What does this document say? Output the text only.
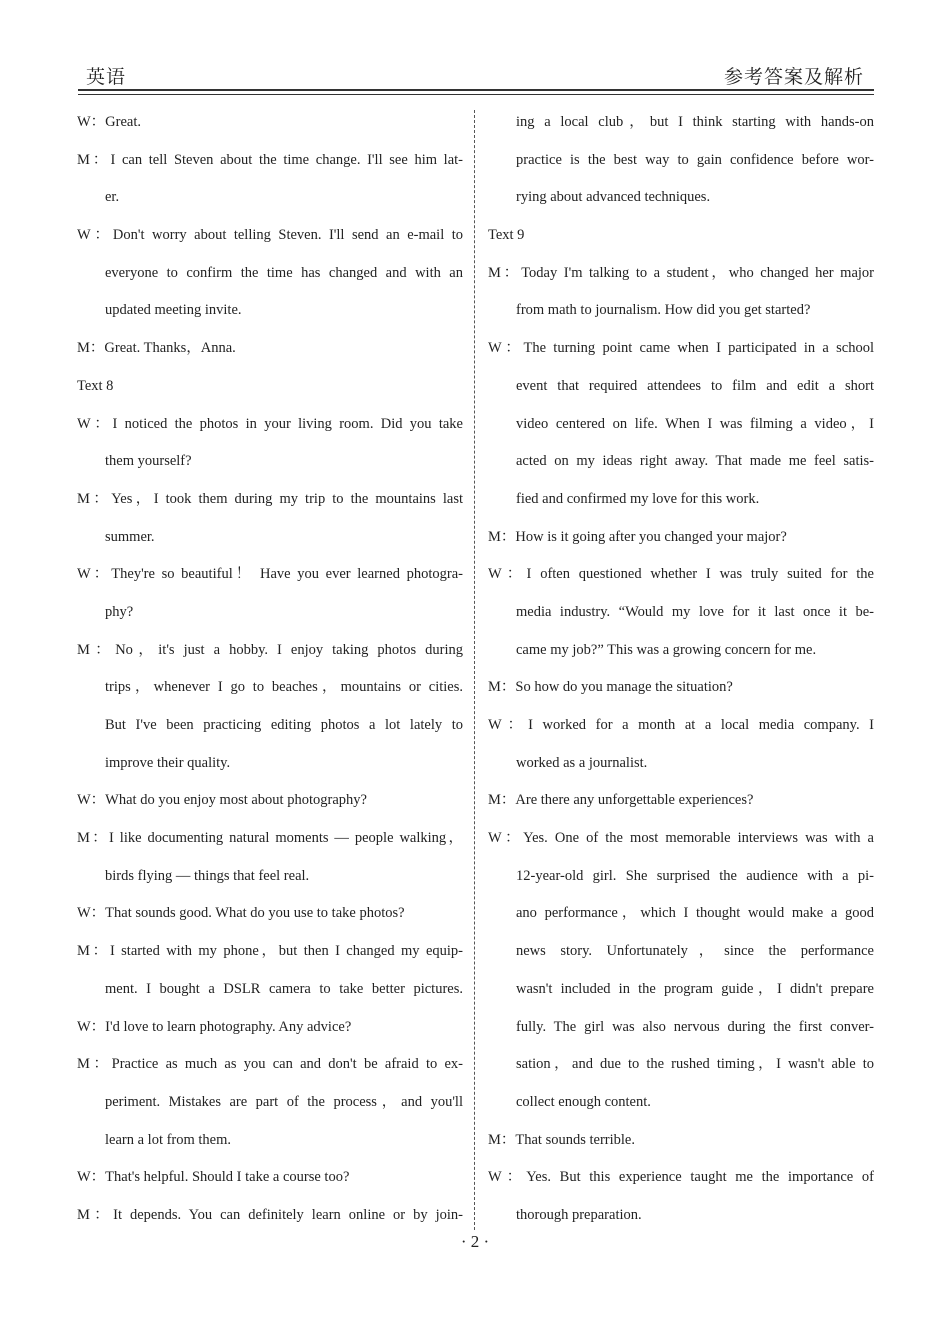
英语	参考答案及解析
W：Great.
M：I can tell Steven about the time change. I'll see him lat-
er.
W：Don't worry about telling Steven. I'll send an e-mail to
everyone to confirm the time has changed and with an
updated meeting invite.
M：Great. Thanks，Anna.
Text 8
W：I noticed the photos in your living room. Did you take
them yourself?
M：Yes，I took them during my trip to the mountains last
summer.
W：They're so beautiful！ Have you ever learned photogra-
phy?
M：No，it's just a hobby. I enjoy taking photos during
trips，whenever I go to beaches，mountains or cities.
But I've been practicing editing photos a lot lately to
improve their quality.
W：What do you enjoy most about photography?
M：I like documenting natural moments — people walking，
birds flying — things that feel real.
W：That sounds good. What do you use to take photos?
M：I started with my phone，but then I changed my equip-
ment. I bought a DSLR camera to take better pictures.
W：I'd love to learn photography. Any advice?
M：Practice as much as you can and don't be afraid to ex-
periment. Mistakes are part of the process，and you'll
learn a lot from them.
W：That's helpful. Should I take a course too?
M：It depends. You can definitely learn online or by join-
ing a local club，but I think starting with hands-on
practice is the best way to gain confidence before wor-
rying about advanced techniques.
Text 9
M：Today I'm talking to a student，who changed her major
from math to journalism. How did you get started?
W：The turning point came when I participated in a school
event that required attendees to film and edit a short
video centered on life. When I was filming a video，I
acted on my ideas right away. That made me feel satis-
fied and confirmed my love for this work.
M：How is it going after you changed your major?
W：I often questioned whether I was truly suited for the
media industry. “Would my love for it last once it be-
came my job?” This was a growing concern for me.
M：So how do you manage the situation?
W：I worked for a month at a local media company. I
worked as a journalist.
M：Are there any unforgettable experiences?
W：Yes. One of the most memorable interviews was with a
12-year-old girl. She surprised the audience with a pi-
ano performance，which I thought would make a good
news story. Unfortunately，since the performance
wasn't included in the program guide，I didn't prepare
fully. The girl was also nervous during the first conver-
sation，and due to the rushed timing，I wasn't able to
collect enough content.
M：That sounds terrible.
W：Yes. But this experience taught me the importance of
thorough preparation.
· 2 ·
